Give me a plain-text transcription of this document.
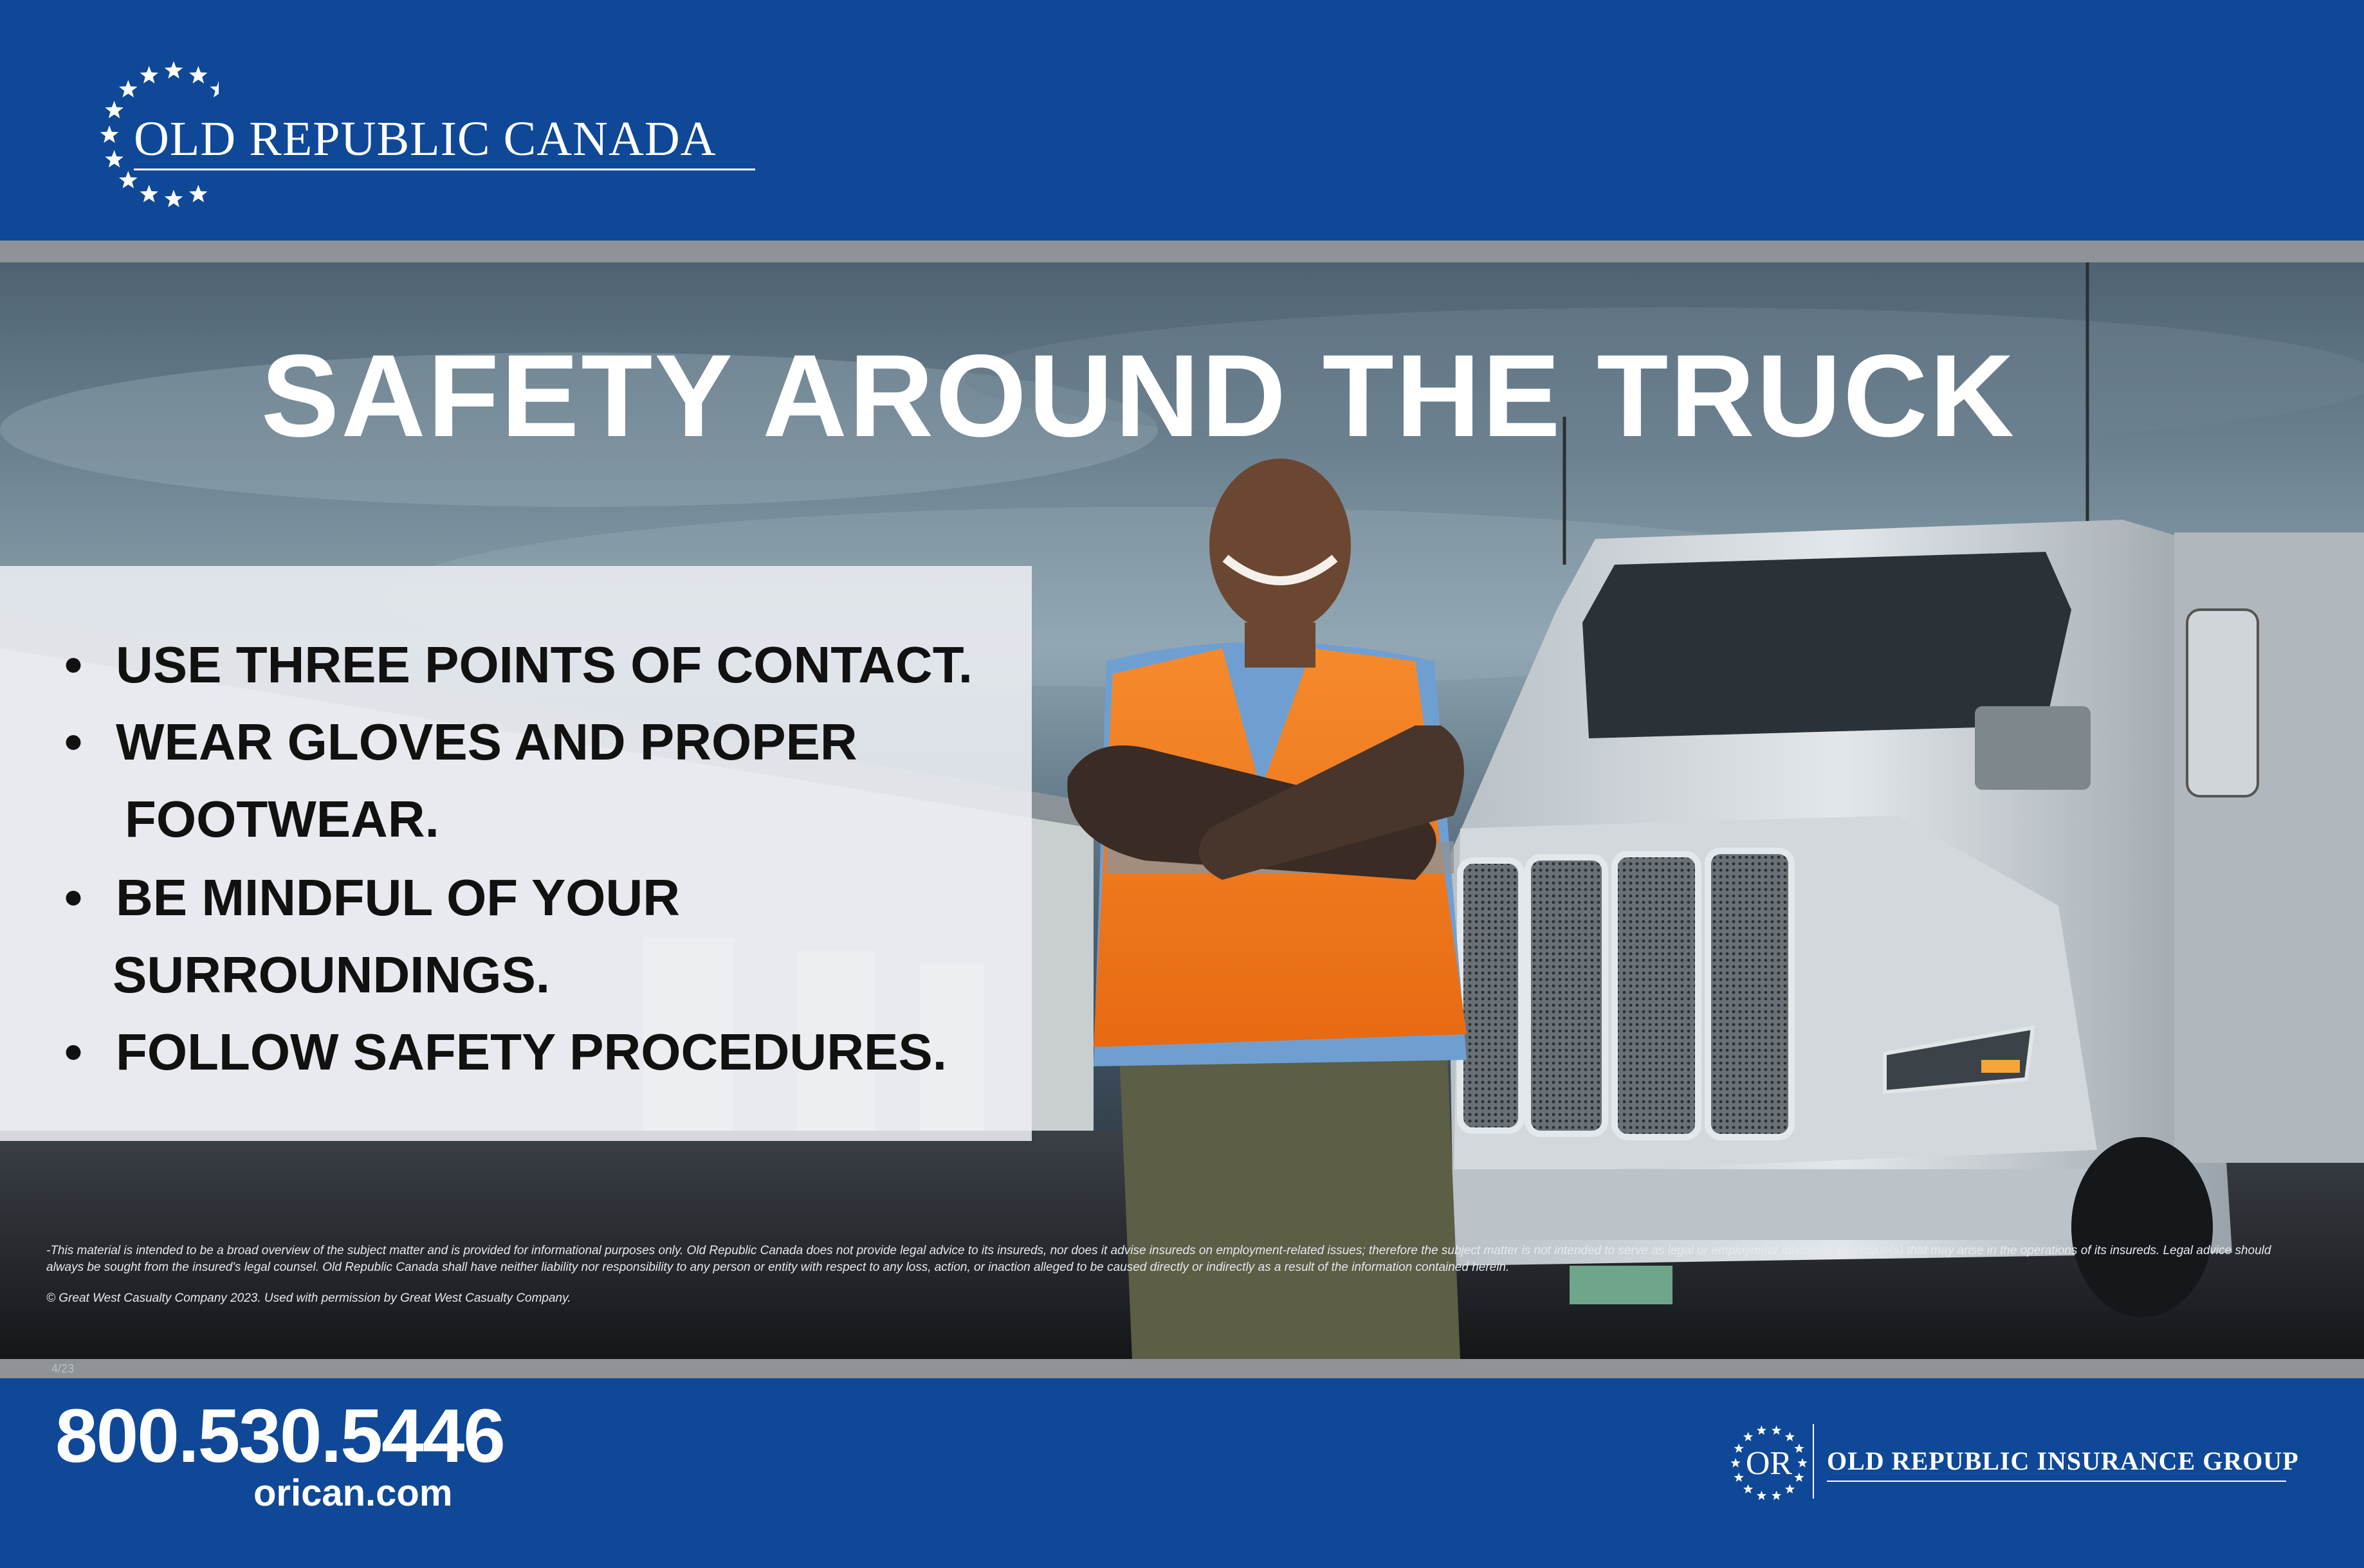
OLD REPUBLIC CANADA
SAFETY AROUND THE TRUCK
• USE THREE POINTS OF CONTACT.
• WEAR GLOVES AND PROPER
FOOTWEAR.
• BE MINDFUL OF YOUR
SURROUNDINGS.
• FOLLOW SAFETY PROCEDURES.
-This material is intended to be a broad overview of the subject matter and is provided for informational purposes only. Old Republic Canada does not provide legal advice to its insureds, nor does it advise insureds on employment-related issues; therefore the subject matter is not intended to serve as legal or employment advice for any issue(s) that may arise in the operations of its insureds. Legal advice should always be sought from the insured's legal counsel. Old Republic Canada shall have neither liability nor responsibility to any person or entity with respect to any loss, action, or inaction alleged to be caused directly or indirectly as a result of the information contained herein.
© Great West Casualty Company 2023. Used with permission by Great West Casualty Company.
4/23
800.530.5446
orican.com
OR OLD REPUBLIC INSURANCE GROUP
